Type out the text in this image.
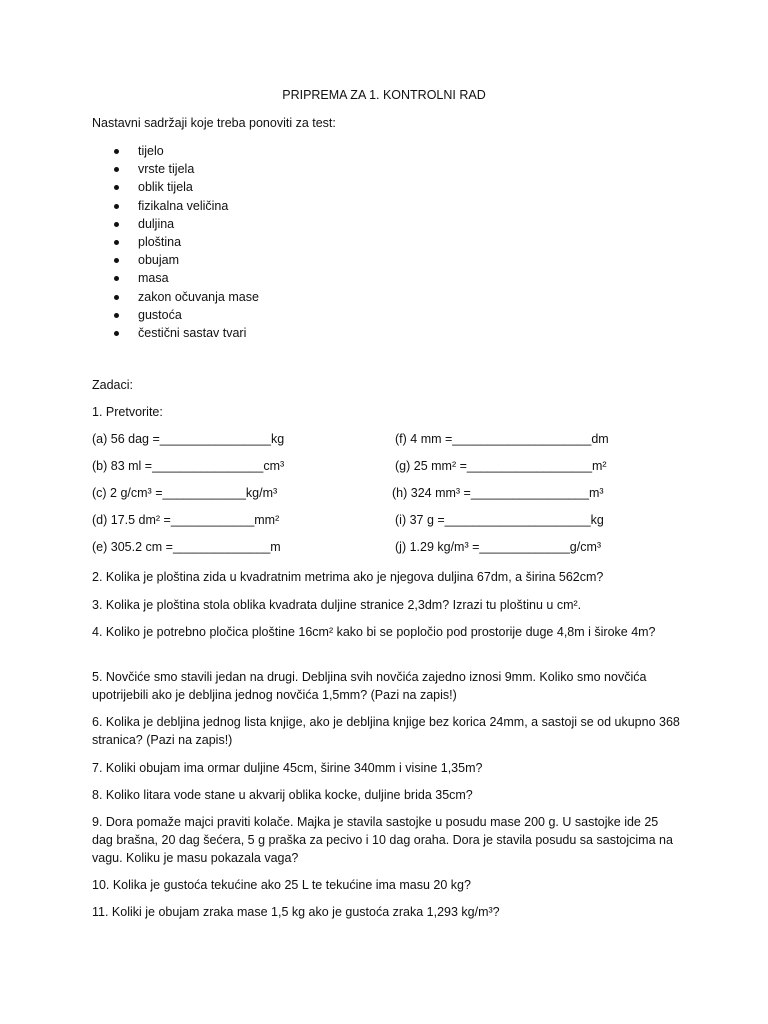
PRIPREMA ZA 1. KONTROLNI RAD
Nastavni sadržaji koje treba ponoviti za test:
tijelo
vrste tijela
oblik tijela
fizikalna veličina
duljina
ploština
obujam
masa
zakon očuvanja mase
gustoća
čestični sastav tvari
Zadaci:
1. Pretvorite:
(a) 56 dag =________________kg	(f) 4 mm =____________________dm
(b) 83 ml =________________cm³	(g) 25 mm² =__________________m²
(c) 2 g/cm³ =____________kg/m³	(h) 324 mm³ =_________________m³
(d) 17.5 dm² =____________mm²	(i) 37 g =_____________________kg
(e) 305.2 cm =______________m	(j) 1.29 kg/m³ =_____________g/cm³
2. Kolika je ploština zida u kvadratnim metrima ako je njegova duljina 67dm, a širina 562cm?
3. Kolika je ploština stola oblika kvadrata duljine stranice 2,3dm? Izrazi tu ploštinu u cm².
4. Koliko je potrebno pločica ploštine 16cm² kako bi se popločio pod prostorije duge 4,8m i široke 4m?
5. Novčiće smo stavili jedan na drugi. Debljina svih novčića zajedno iznosi 9mm. Koliko smo novčića upotrijebili ako je debljina jednog novčića 1,5mm? (Pazi na zapis!)
6. Kolika je debljina jednog lista knjige, ako je debljina knjige bez korica 24mm, a sastoji se od ukupno 368 stranica? (Pazi na zapis!)
7. Koliki obujam ima ormar duljine 45cm, širine 340mm i visine 1,35m?
8. Koliko litara vode stane u akvarij oblika kocke, duljine brida 35cm?
9. Dora pomaže majci praviti kolače. Majka je stavila sastojke u posudu mase 200 g. U sastojke ide 25 dag brašna, 20 dag šećera, 5 g praška za pecivo i 10 dag oraha. Dora je stavila posudu sa sastojcima na vagu. Koliku je masu pokazala vaga?
10. Kolika je gustoća tekućine ako 25 L te tekućine ima masu 20 kg?
11. Koliki je obujam zraka mase 1,5 kg ako je gustoća zraka 1,293 kg/m³?
